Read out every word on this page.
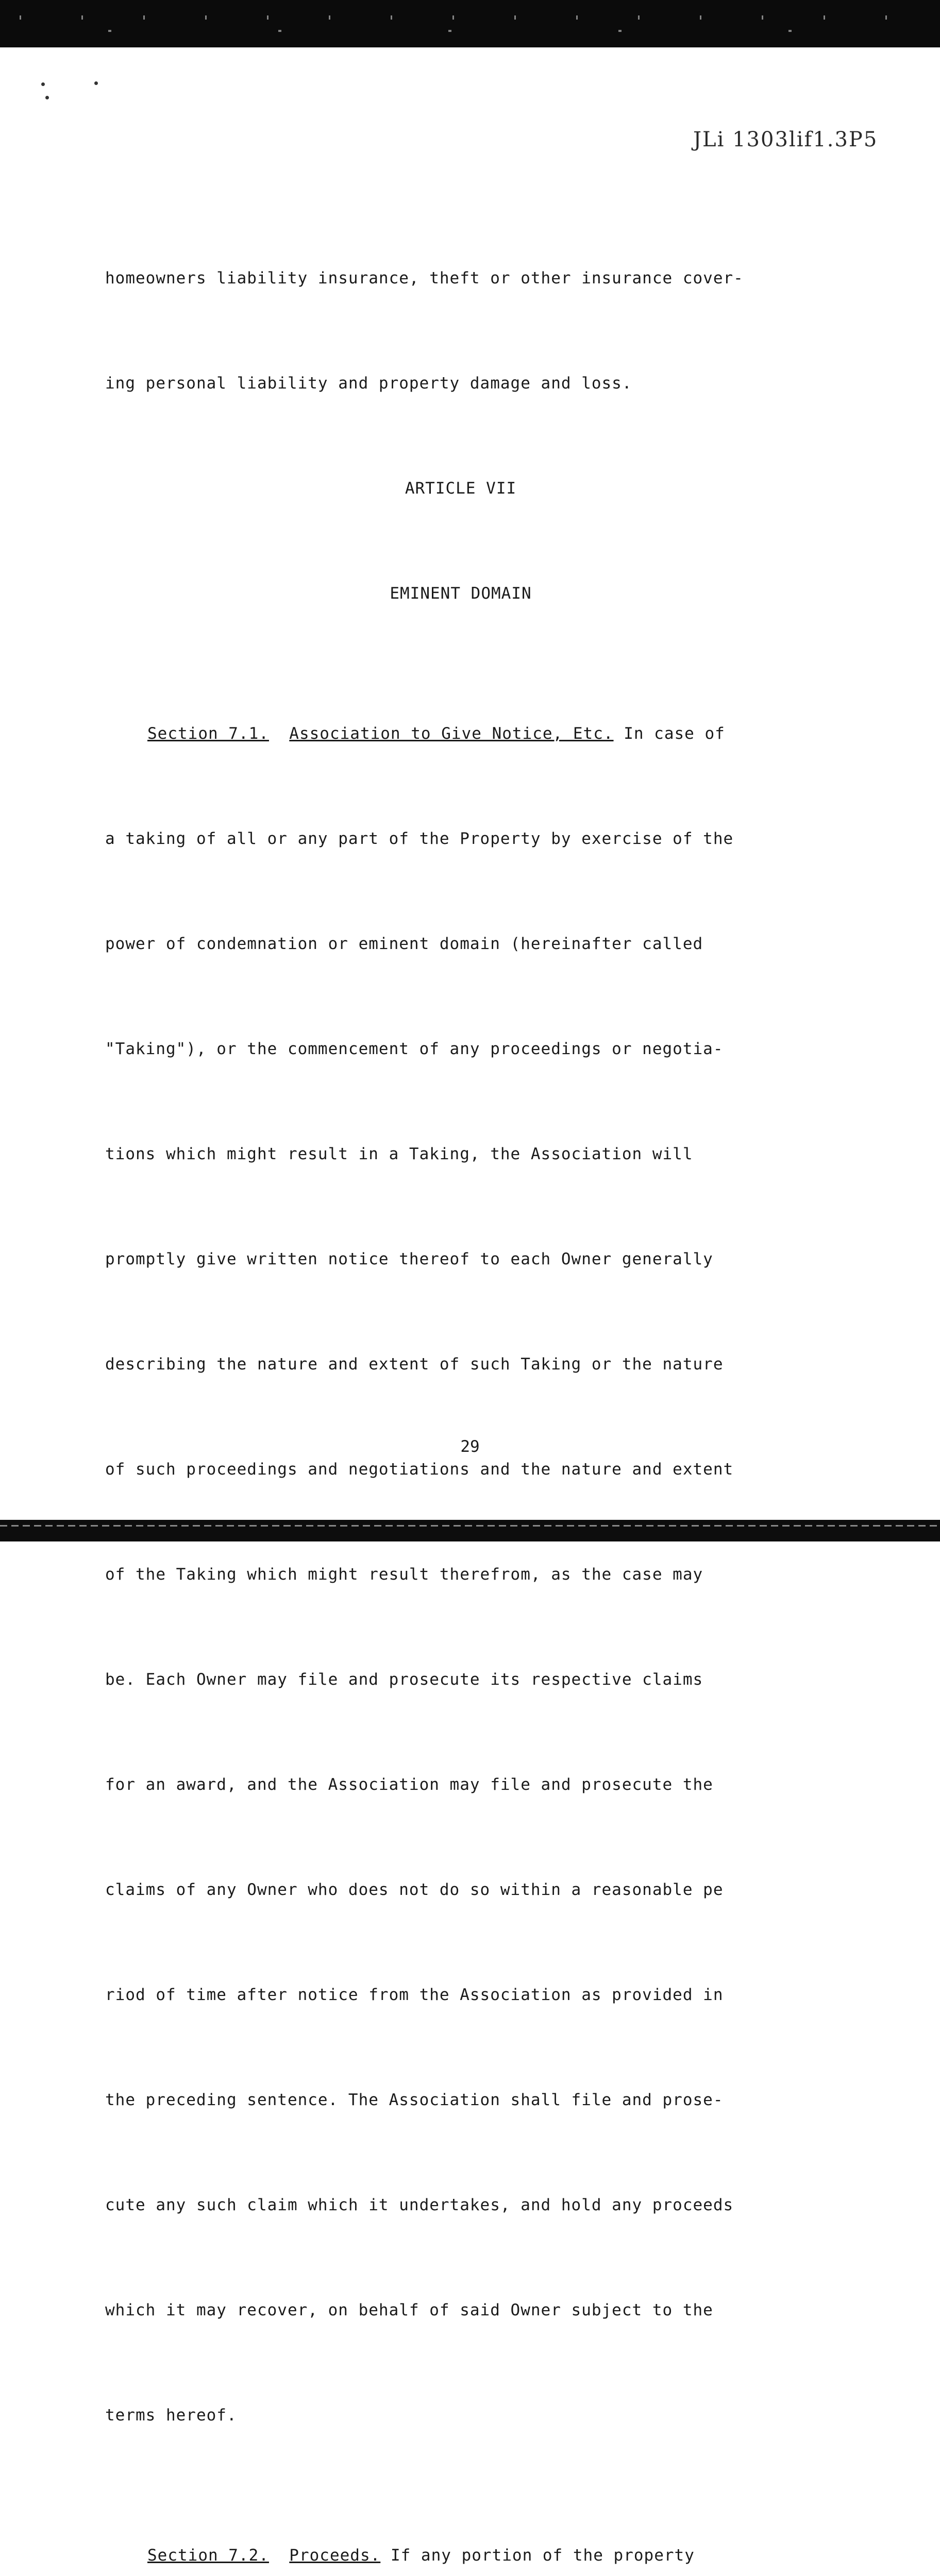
JLi 1303lif1.3P5

homeowners liability insurance, theft or other insurance cover-

ing personal liability and property damage and loss.

ARTICLE VII

EMINENT DOMAIN

Section 7.1. Association to Give Notice, Etc. In case of

a taking of all or any part of the Property by exercise of the

power of condemnation or eminent domain (hereinafter called

"Taking"), or the commencement of any proceedings or negotia-

tions which might result in a Taking, the Association will

promptly give written notice thereof to each Owner generally

describing the nature and extent of such Taking or the nature

of such proceedings and negotiations and the nature and extent

of the Taking which might result therefrom, as the case may

be. Each Owner may file and prosecute its respective claims

for an award, and the Association may file and prosecute the

claims of any Owner who does not do so within a reasonable pe

riod of time after notice from the Association as provided in

the preceding sentence. The Association shall file and prose-

cute any such claim which it undertakes, and hold any proceeds

which it may recover, on behalf of said Owner subject to the

terms hereof.

Section 7.2. Proceeds. If any portion of the property

29
